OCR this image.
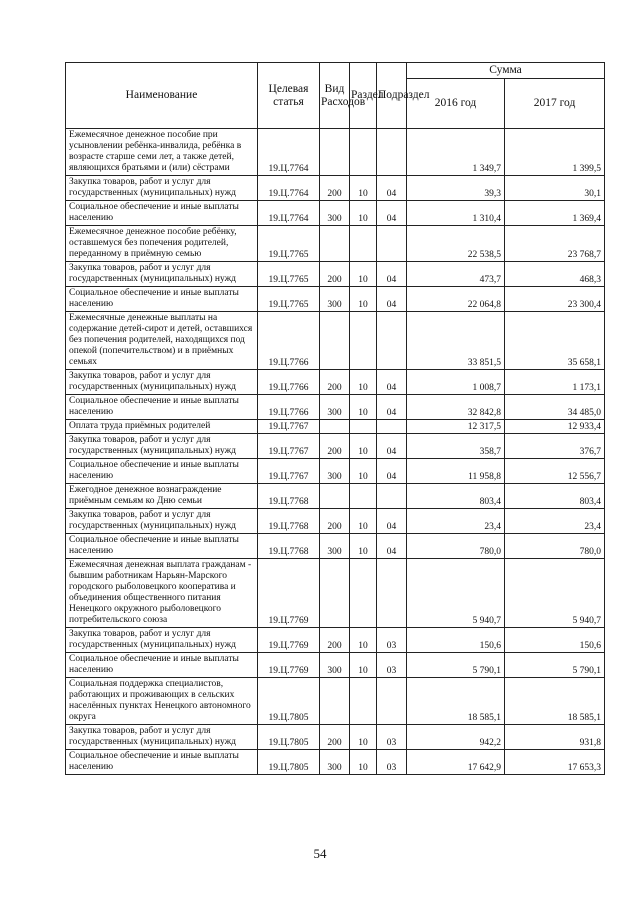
Наименование	Целевая статья	Вид Расходов	Раздел	Подраздел	Сумма	
					2016 год	2017 год
Ежемесячное денежное пособие при усыновлении ребёнка-инвалида, ребёнка в возрасте старше семи лет, а также детей, являющихся братьями и (или) сёстрами	19.Ц.7764				1 349,7	1 399,5
Закупка товаров, работ и услуг для государственных (муниципальных) нужд	19.Ц.7764	200	10	04	39,3	30,1
Социальное обеспечение и иные выплаты населению	19.Ц.7764	300	10	04	1 310,4	1 369,4
Ежемесячное денежное пособие ребёнку, оставшемуся без попечения родителей, переданному в приёмную семью	19.Ц.7765				22 538,5	23 768,7
Закупка товаров, работ и услуг для государственных (муниципальных) нужд	19.Ц.7765	200	10	04	473,7	468,3
Социальное обеспечение и иные выплаты населению	19.Ц.7765	300	10	04	22 064,8	23 300,4
Ежемесячные денежные выплаты на содержание детей-сирот и детей, оставшихся без попечения родителей, находящихся под опекой (попечительством) и в приёмных семьях	19.Ц.7766				33 851,5	35 658,1
Закупка товаров, работ и услуг для государственных (муниципальных) нужд	19.Ц.7766	200	10	04	1 008,7	1 173,1
Социальное обеспечение и иные выплаты населению	19.Ц.7766	300	10	04	32 842,8	34 485,0
Оплата труда приёмных родителей	19.Ц.7767				12 317,5	12 933,4
Закупка товаров, работ и услуг для государственных (муниципальных) нужд	19.Ц.7767	200	10	04	358,7	376,7
Социальное обеспечение и иные выплаты населению	19.Ц.7767	300	10	04	11 958,8	12 556,7
Ежегодное денежное вознаграждение приёмным семьям ко Дню семьи	19.Ц.7768				803,4	803,4
Закупка товаров, работ и услуг для государственных (муниципальных) нужд	19.Ц.7768	200	10	04	23,4	23,4
Социальное обеспечение и иные выплаты населению	19.Ц.7768	300	10	04	780,0	780,0
Ежемесячная денежная выплата гражданам - бывшим работникам Нарьян-Марского городского рыболовецкого кооператива и объединения общественного питания Ненецкого окружного рыболовецкого потребительского союза	19.Ц.7769				5 940,7	5 940,7
Закупка товаров, работ и услуг для государственных (муниципальных) нужд	19.Ц.7769	200	10	03	150,6	150,6
Социальное обеспечение и иные выплаты населению	19.Ц.7769	300	10	03	5 790,1	5 790,1
Социальная поддержка специалистов, работающих и проживающих в сельских населённых пунктах Ненецкого автономного округа	19.Ц.7805				18 585,1	18 585,1
Закупка товаров, работ и услуг для государственных (муниципальных) нужд	19.Ц.7805	200	10	03	942,2	931,8
Социальное обеспечение и иные выплаты населению	19.Ц.7805	300	10	03	17 642,9	17 653,3
54
